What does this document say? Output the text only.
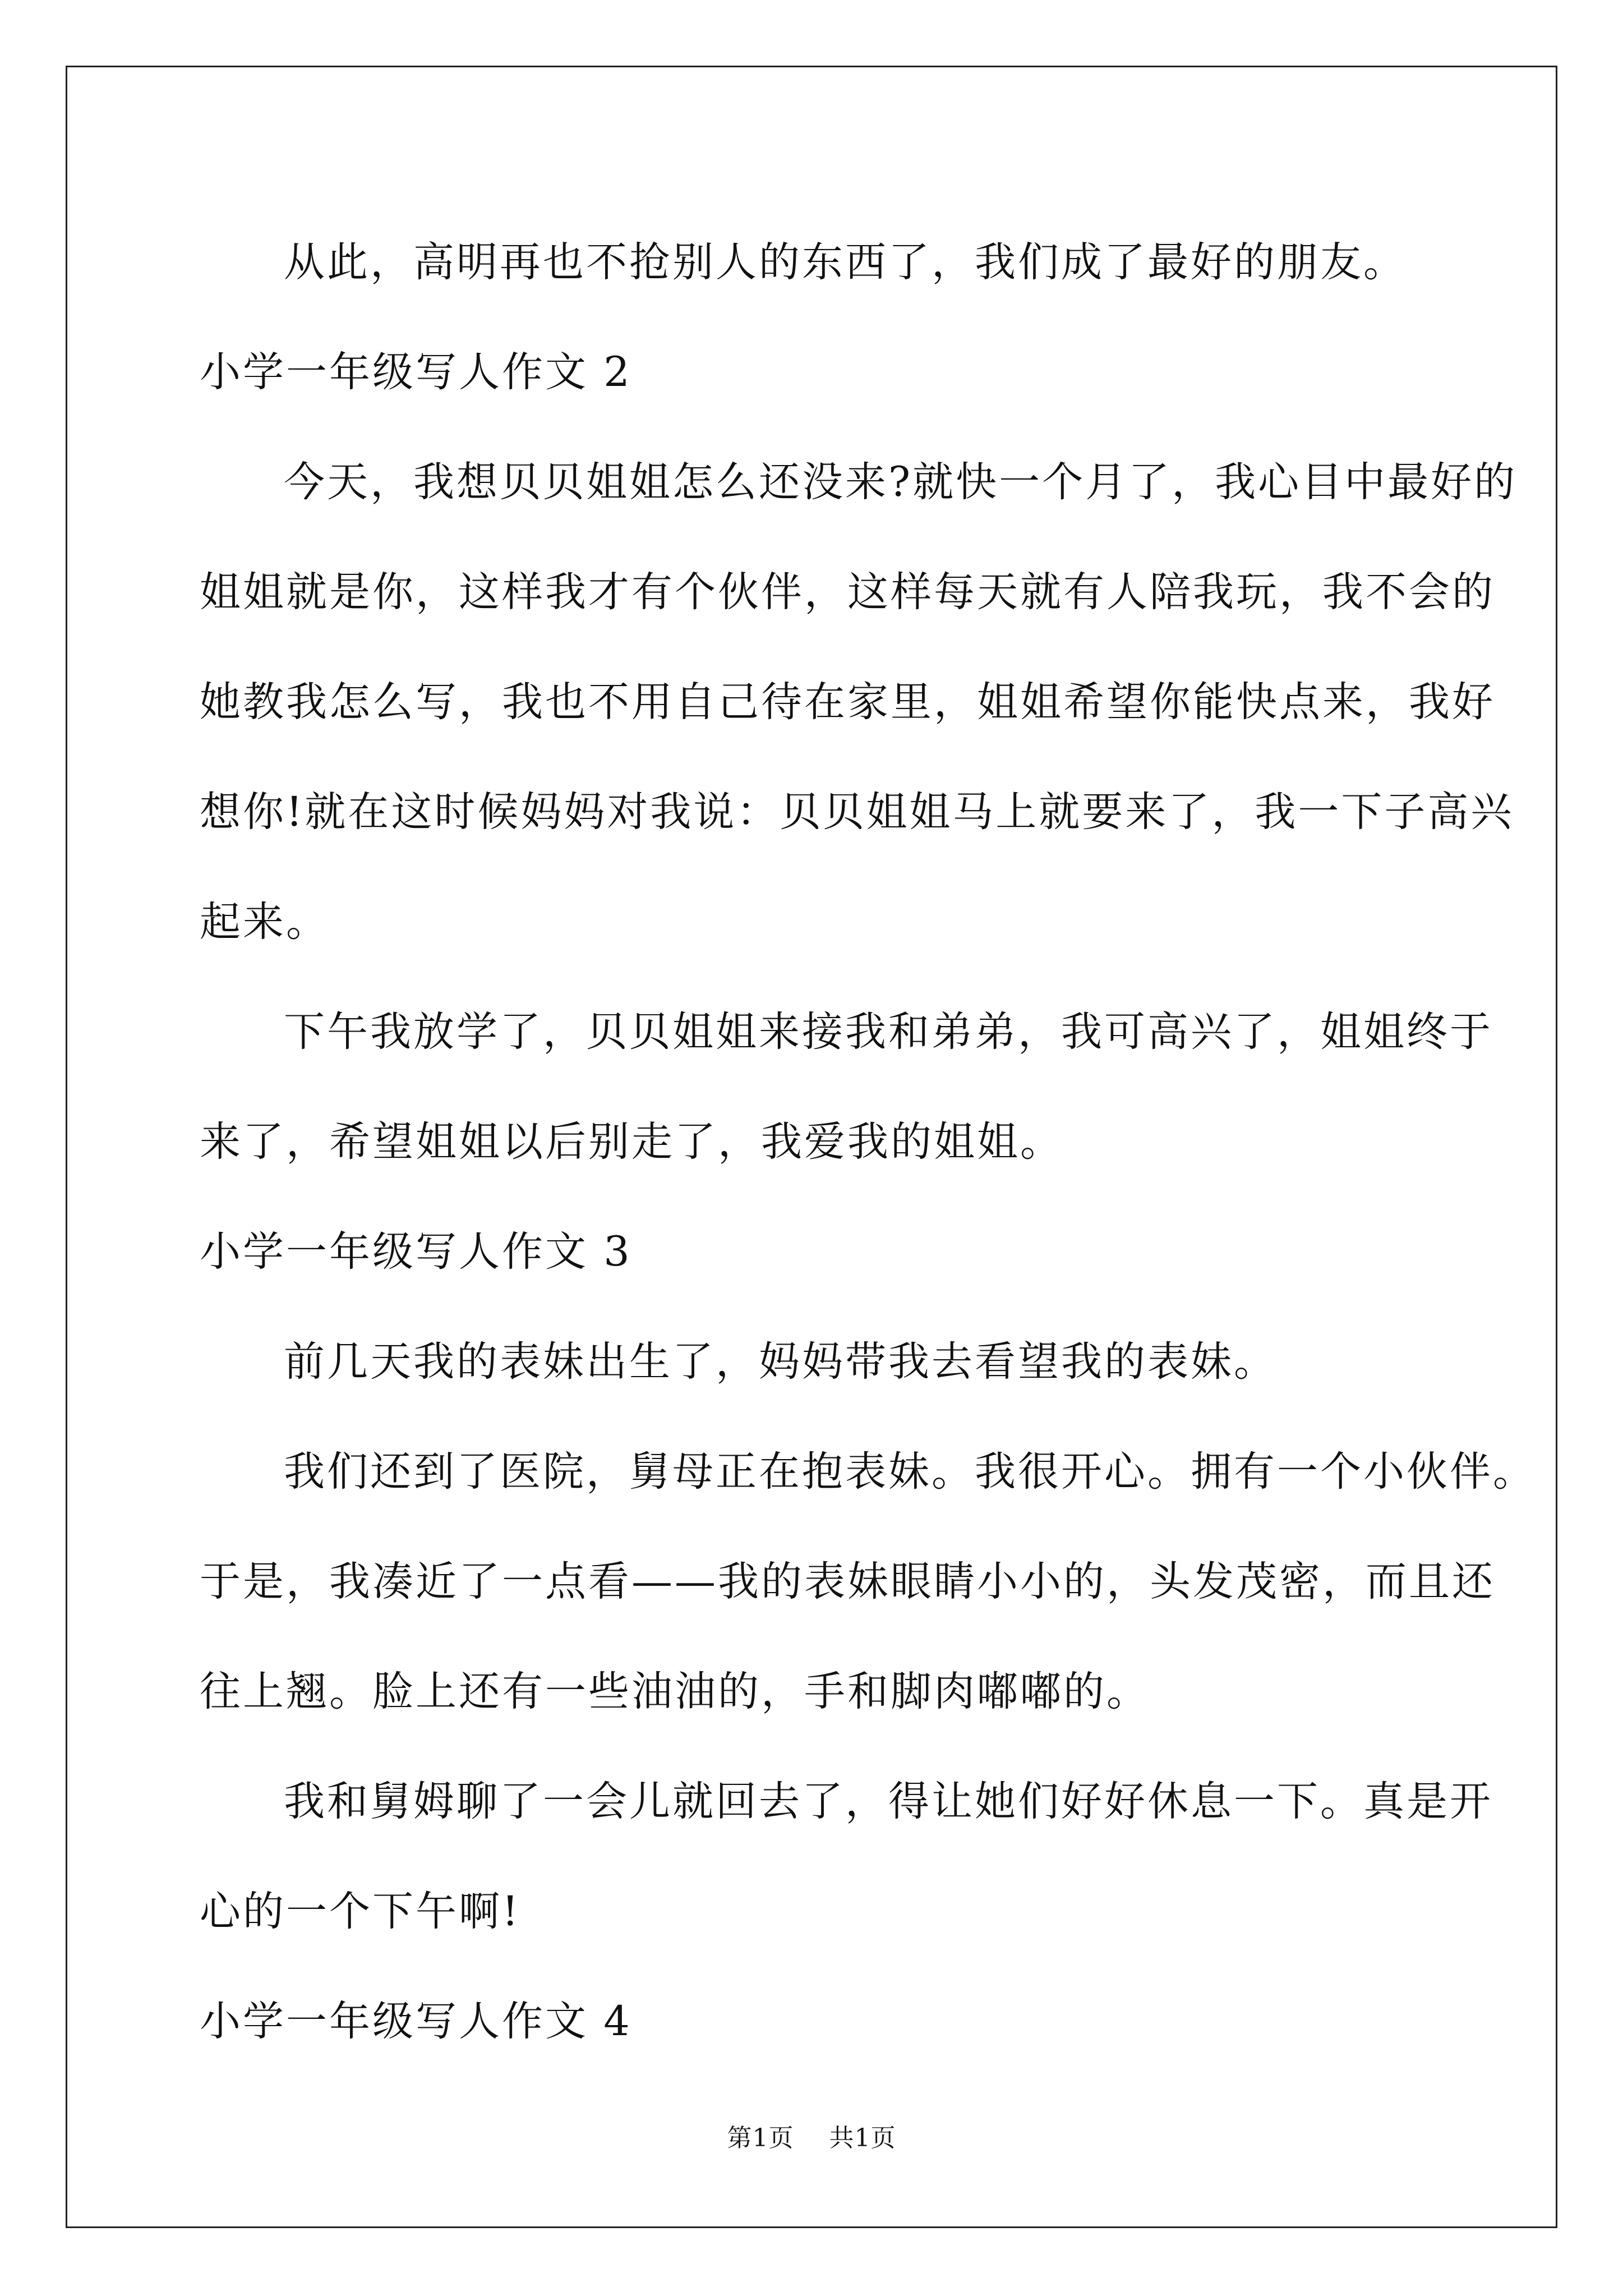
从此，高明再也不抢别人的东西了，我们成了最好的朋友。
小学一年级写人作文 2
今天，我想贝贝姐姐怎么还没来?就快一个月了，我心目中最好的
姐姐就是你，这样我才有个伙伴，这样每天就有人陪我玩，我不会的
她教我怎么写，我也不用自己待在家里，姐姐希望你能快点来，我好
想你!就在这时候妈妈对我说：贝贝姐姐马上就要来了，我一下子高兴
起来。
下午我放学了，贝贝姐姐来接我和弟弟，我可高兴了，姐姐终于
来了，希望姐姐以后别走了，我爱我的姐姐。
小学一年级写人作文 3
前几天我的表妹出生了，妈妈带我去看望我的表妹。
我们还到了医院，舅母正在抱表妹。我很开心。拥有一个小伙伴。
于是，我凑近了一点看——我的表妹眼睛小小的，头发茂密，而且还
往上翘。脸上还有一些油油的，手和脚肉嘟嘟的。
我和舅姆聊了一会儿就回去了，得让她们好好休息一下。真是开
心的一个下午啊!
小学一年级写人作文 4
第1页 共1页
